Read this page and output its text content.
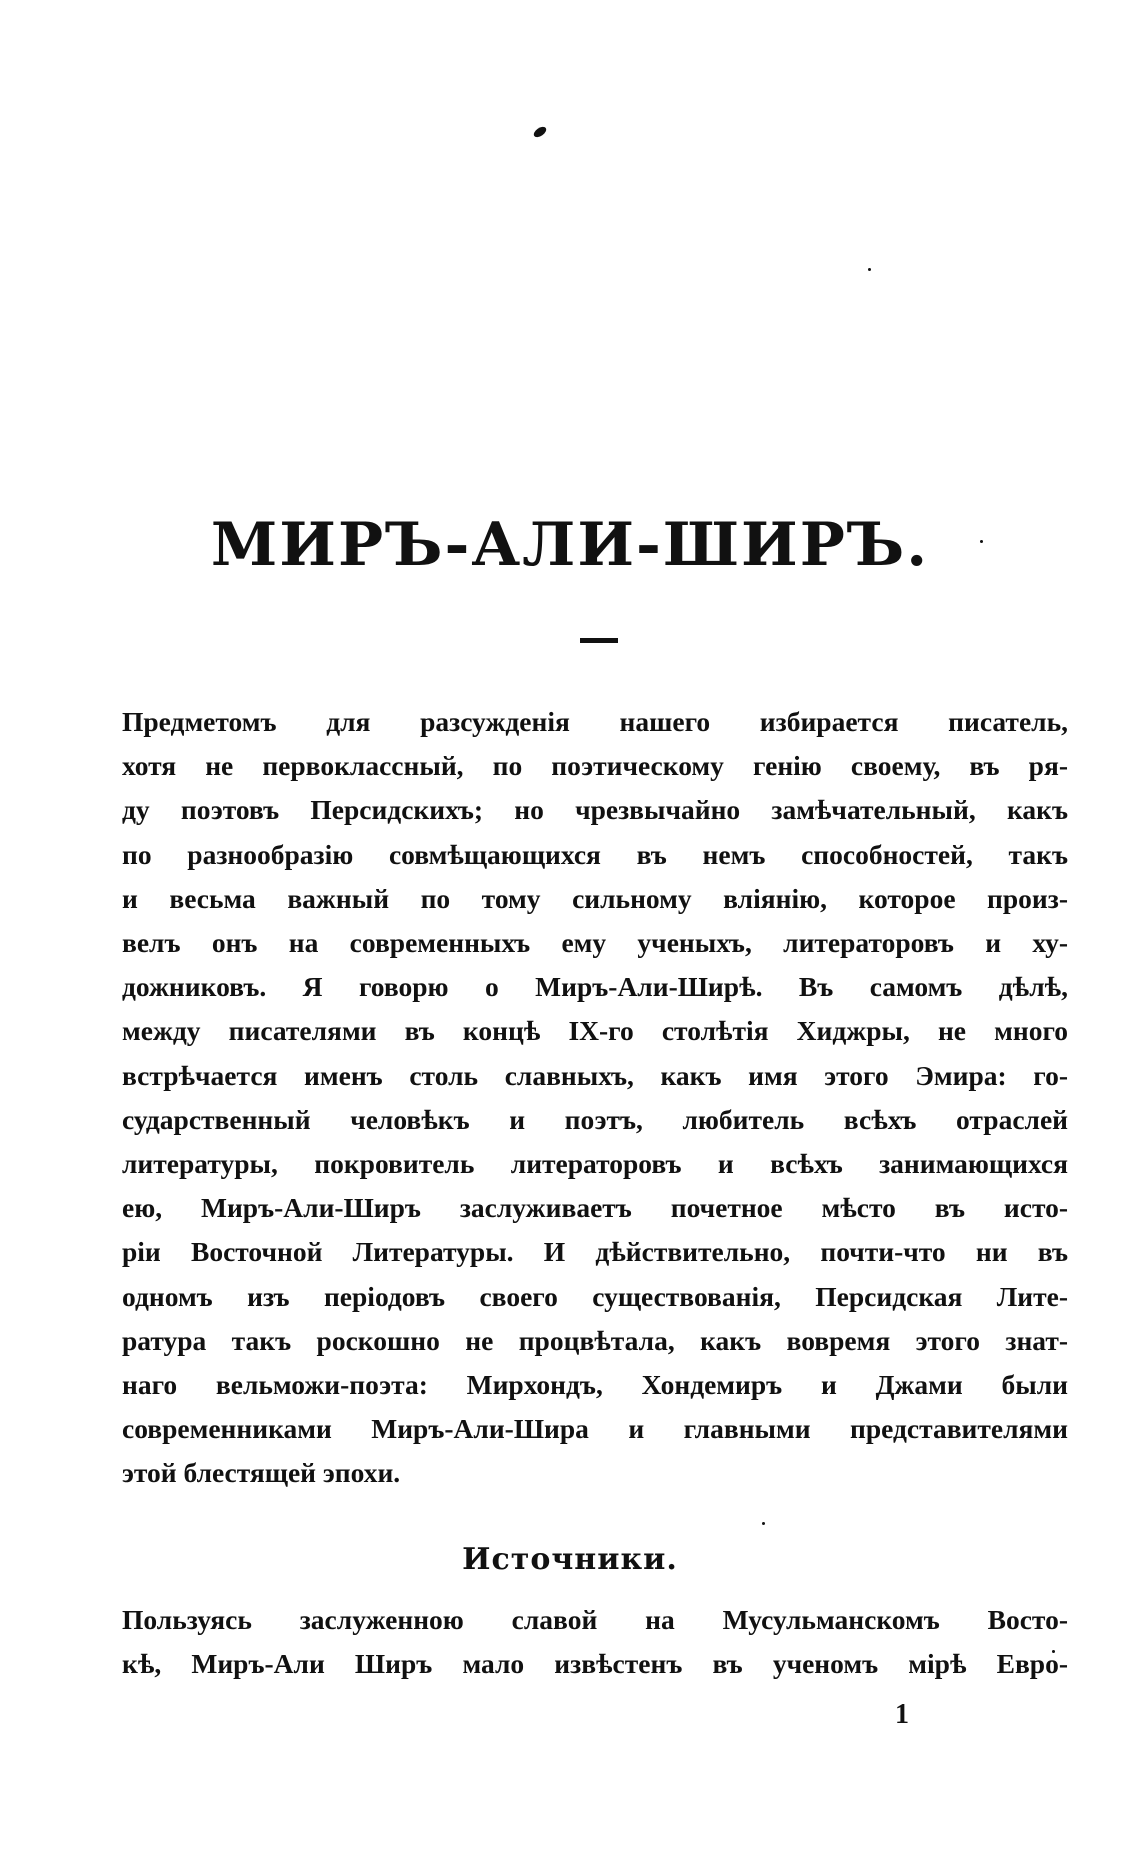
МИРЪ-АЛИ-ШИРЪ.

Предметомъ для разсужденія нашего избирается писатель,
хотя не первоклассный, по поэтическому генію своему, въ ря-
ду поэтовъ Персидскихъ; но чрезвычайно замѣчательный, какъ
по разнообразію совмѣщающихся въ немъ способностей, такъ
и весьма важный по тому сильному вліянію, которое произ-
велъ онъ на современныхъ ему ученыхъ, литераторовъ и ху-
дожниковъ. Я говорю о Миръ-Али-Ширѣ. Въ самомъ дѣлѣ,
между писателями въ концѣ IX-го столѣтія Хиджры, не много
встрѣчается именъ столь славныхъ, какъ имя этого Эмира: го-
сударственный человѣкъ и поэтъ, любитель всѣхъ отраслей
литературы, покровитель литераторовъ и всѣхъ занимающихся
ею, Миръ-Али-Ширъ заслуживаетъ почетное мѣсто въ исто-
ріи Восточной Литературы. И дѣйствительно, почти-что ни въ
одномъ изъ періодовъ своего существованія, Персидская Лите-
ратура такъ роскошно не процвѣтала, какъ вовремя этого знат-
наго вельможи-поэта: Мирхондъ, Хондемиръ и Джами были
современниками Миръ-Али-Шира и главными представителями
этой блестящей эпохи.

Источники.

Пользуясь заслуженною славой на Мусульманскомъ Восто-
кѣ, Миръ-Али Ширъ мало извѣстенъ въ ученомъ мірѣ Евро-

1
